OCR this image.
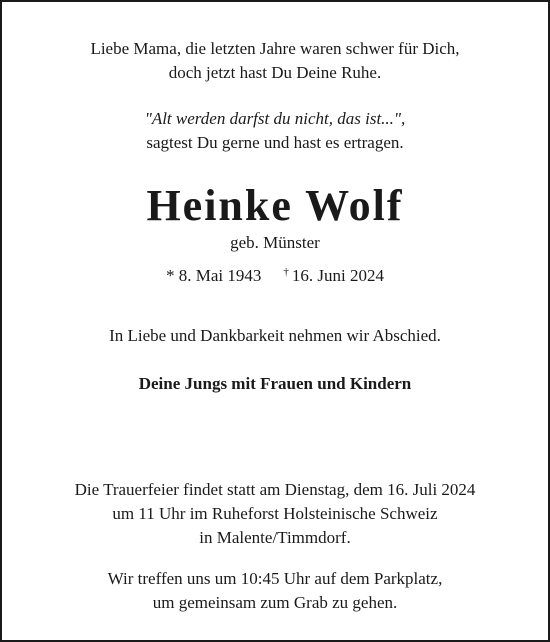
Liebe Mama, die letzten Jahre waren schwer für Dich,
doch jetzt hast Du Deine Ruhe.
"Alt werden darfst du nicht, das ist...",
sagtest Du gerne und hast es ertragen.
Heinke Wolf
geb. Münster
* 8. Mai 1943 † 16. Juni 2024
In Liebe und Dankbarkeit nehmen wir Abschied.
Deine Jungs mit Frauen und Kindern
Die Trauerfeier findet statt am Dienstag, dem 16. Juli 2024
um 11 Uhr im Ruheforst Holsteinische Schweiz
in Malente/Timmdorf.
Wir treffen uns um 10:45 Uhr auf dem Parkplatz,
um gemeinsam zum Grab zu gehen.
